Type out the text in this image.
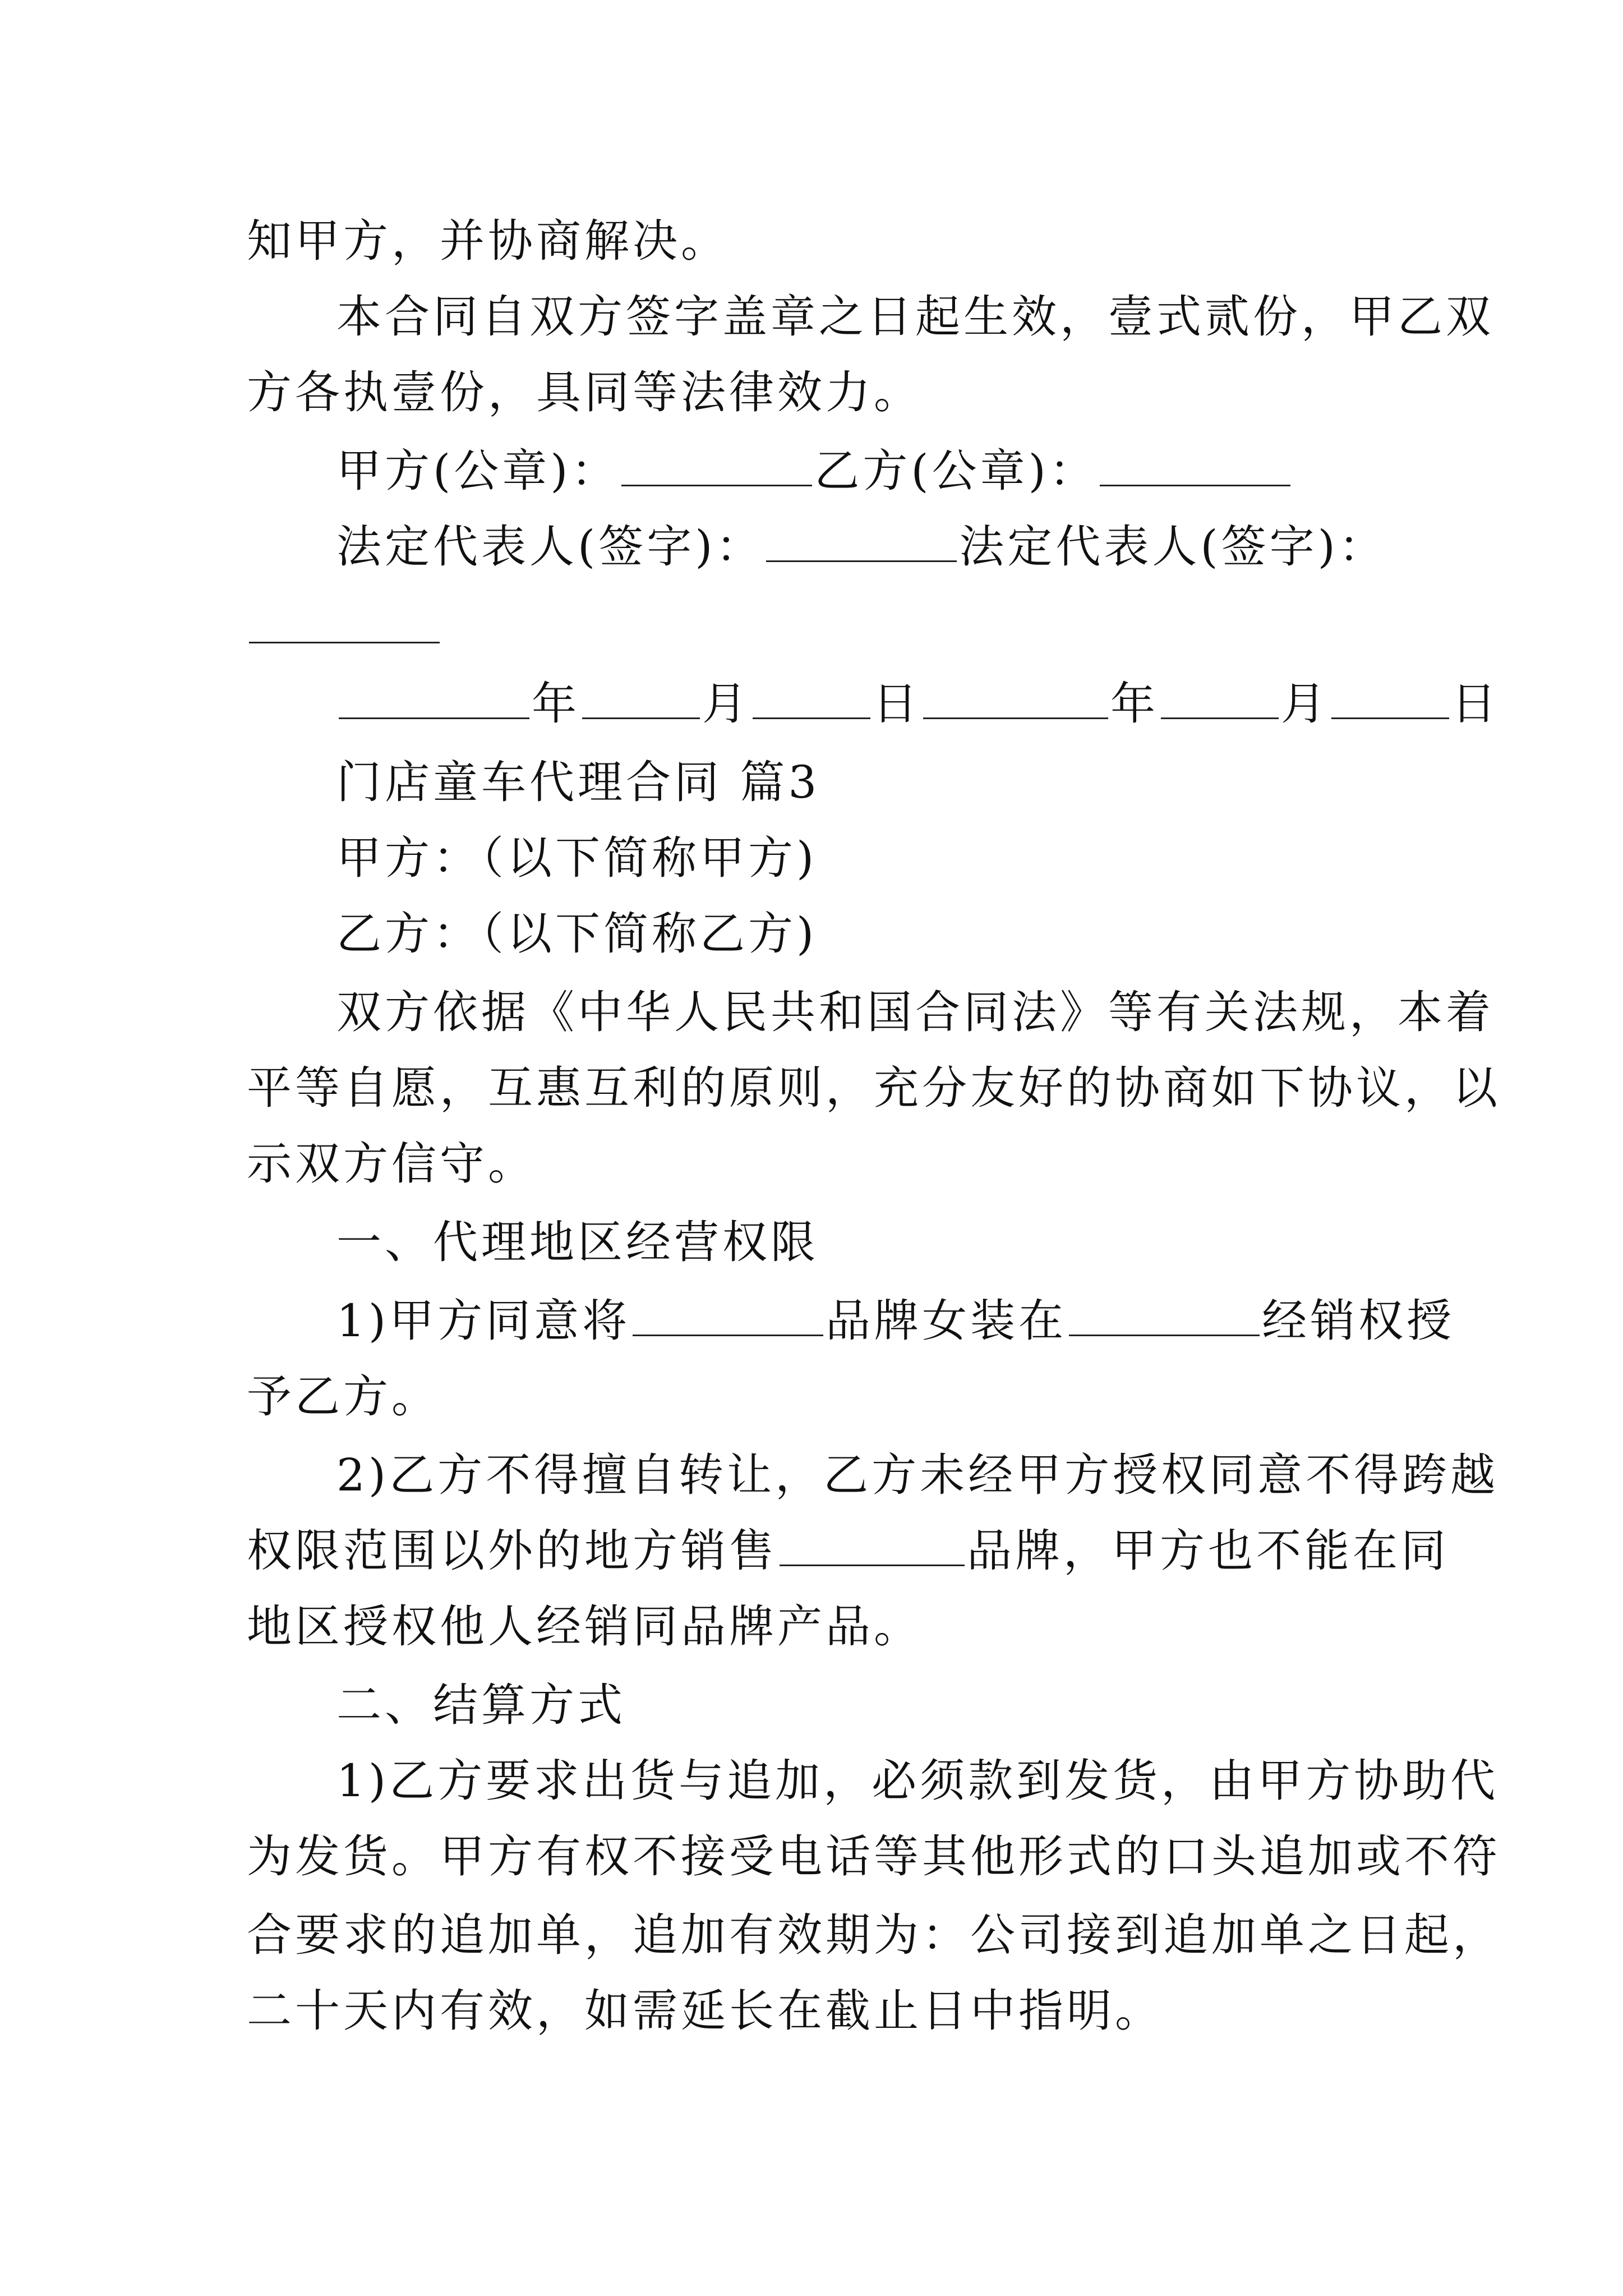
知甲方，并协商解决。
本合同自双方签字盖章之日起生效，壹式贰份，甲乙双
方各执壹份，具同等法律效力。
甲方(公章)：	乙方(公章)：
法定代表人(签字)：	法定代表人(签字)：
年	月	日	年	月	日
门店童车代理合同 篇3
甲方：（以下简称甲方)
乙方：（以下简称乙方)
双方依据《中华人民共和国合同法》等有关法规，本着
平等自愿，互惠互利的原则，充分友好的协商如下协议，以
示双方信守。
一、代理地区经营权限
1)甲方同意将	品牌女装在	经销权授
予乙方。
2)乙方不得擅自转让，乙方未经甲方授权同意不得跨越
权限范围以外的地方销售	品牌，甲方也不能在同
地区授权他人经销同品牌产品。
二、结算方式
1)乙方要求出货与追加，必须款到发货，由甲方协助代
为发货。甲方有权不接受电话等其他形式的口头追加或不符
合要求的追加单，追加有效期为：公司接到追加单之日起，
二十天内有效，如需延长在截止日中指明。
